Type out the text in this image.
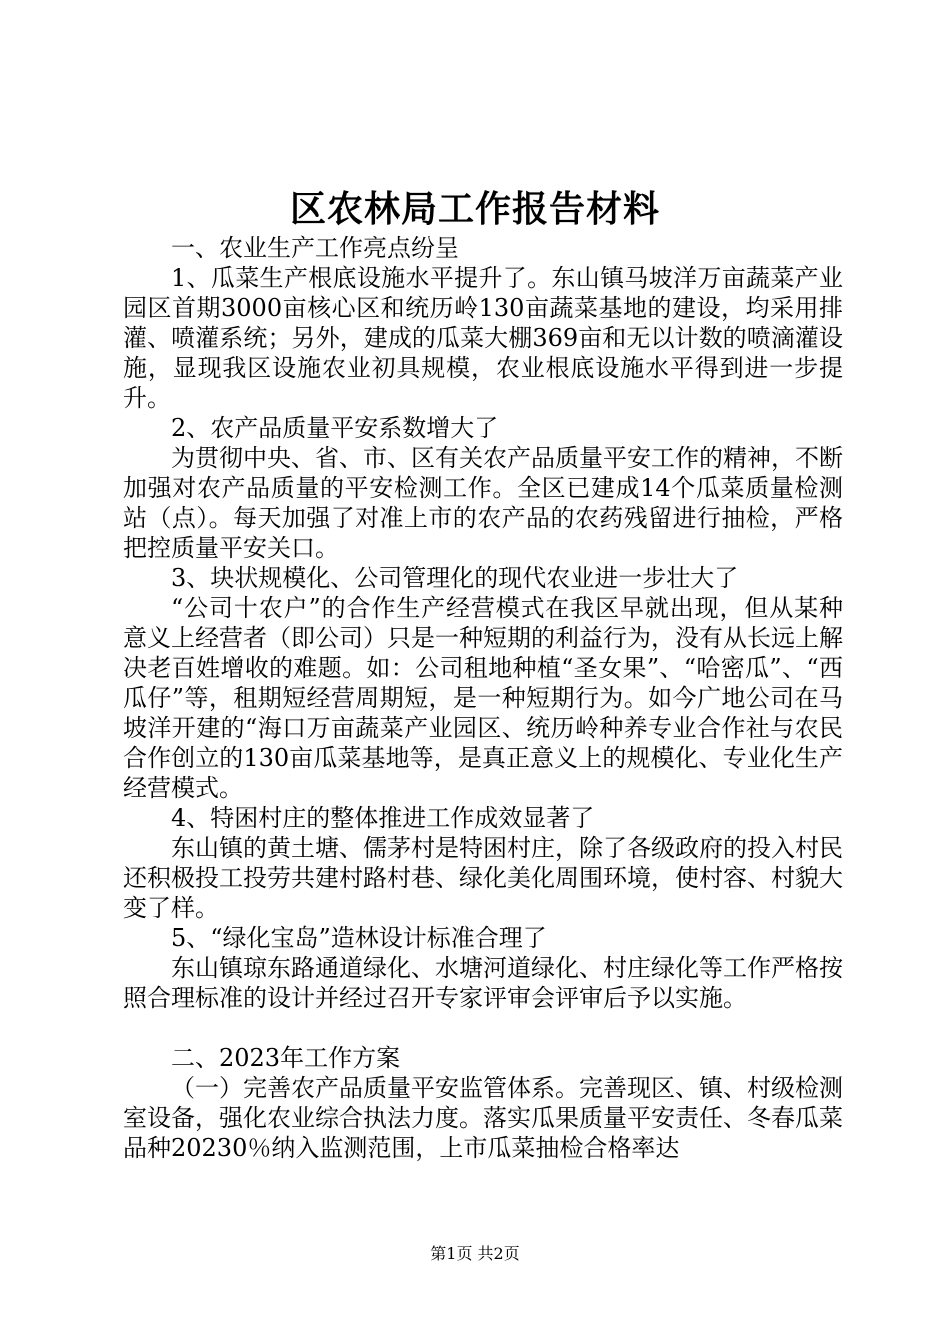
区农林局工作报告材料

一、农业生产工作亮点纷呈

1、瓜菜生产根底设施水平提升了。东山镇马坡洋万亩蔬菜产业园区首期3000亩核心区和统历岭130亩蔬菜基地的建设，均采用排灌、喷灌系统；另外，建成的瓜菜大棚369亩和无以计数的喷滴灌设施，显现我区设施农业初具规模，农业根底设施水平得到进一步提升。

2、农产品质量平安系数增大了

为贯彻中央、省、市、区有关农产品质量平安工作的精神，不断加强对农产品质量的平安检测工作。全区已建成14个瓜菜质量检测站（点）。每天加强了对准上市的农产品的农药残留进行抽检，严格把控质量平安关口。

3、块状规模化、公司管理化的现代农业进一步壮大了

“公司十农户”的合作生产经营模式在我区早就出现，但从某种意义上经营者（即公司）只是一种短期的利益行为，没有从长远上解决老百姓增收的难题。如：公司租地种植“圣女果”、“哈密瓜”、“西瓜仔”等，租期短经营周期短，是一种短期行为。如今广地公司在马坡洋开建的“海口万亩蔬菜产业园区、统历岭种养专业合作社与农民合作创立的130亩瓜菜基地等，是真正意义上的规模化、专业化生产经营模式。

4、特困村庄的整体推进工作成效显著了

东山镇的黄土塘、儒茅村是特困村庄，除了各级政府的投入村民还积极投工投劳共建村路村巷、绿化美化周围环境，使村容、村貌大变了样。

5、“绿化宝岛”造林设计标准合理了

东山镇琼东路通道绿化、水塘河道绿化、村庄绿化等工作严格按照合理标准的设计并经过召开专家评审会评审后予以实施。

二、2023年工作方案

（一）完善农产品质量平安监管体系。完善现区、镇、村级检测室设备，强化农业综合执法力度。落实瓜果质量平安责任、冬春瓜菜品种20230％纳入监测范围，上市瓜菜抽检合格率达

第1页 共2页
